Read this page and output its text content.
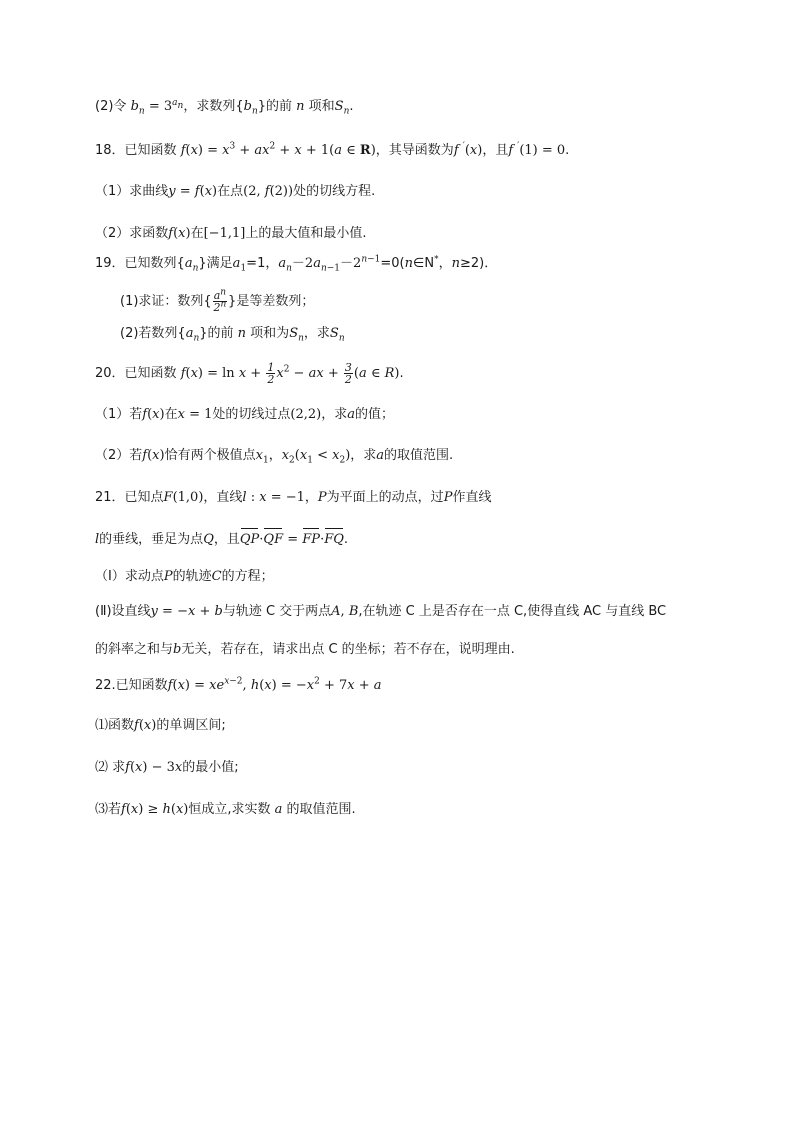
(2)令 $b_n = 3^{a_n}$，求数列$\{b_n\}$的前 n 项和$S_n$.
18．已知函数 $f(x) = x^3 + ax^2 + x + 1(a$ ∈ R)，其导函数为f ′(x)，且f ′(1) = 0.
（1）求曲线y = f(x)在点(2, f(2))处的切线方程.
（2）求函数f(x)在[−1,1]上的最大值和最小值.
19．已知数列$\{a_n\}$满足$a_1=1$，$a_n-2a_{n-1}-2^{n-1}=0(n\in N^*$，n≥2)．
(1)求证：数列{ $\frac{a^n}{2^n}$ }是等差数列；
(2)若数列$\{a_n\}$的前 n 项和为$S_n$，求$S_n$
20．已知函数 $f(x) = \ln x + \frac{1}{2} x^2$ − ax + $\frac{3}{2} (a$ ∈ R).
（1）若f(x)在x = 1处的切线过点(2,2)，求a的值；
（2）若f(x)恰有两个极值点$x_1$，$x_2(x_1 < x_2)$，求a的取值范围.
21．已知点F(1,0)，直线l : x = −1，P为平面上的动点，过P作直线
l的垂线，垂足为点Q，且QP·QF = FP·FQ.
（Ⅰ）求动点P的轨迹C的方程；
(Ⅱ)设直线y = −x + b与轨迹 C 交于两点A, B,在轨迹 C 上是否存在一点 C,使得直线 AC 与直线 BC
的斜率之和与b无关，若存在，请求出点 C 的坐标；若不存在，说明理由.
22.已知函数$f(x) = xe^{x-2}$, $h(x) = -x^2 + 7x + a$
⑴函数f(x)的单调区间;
⑵ 求f(x) − 3x的最小值;
⑶若f(x) ≥ h(x)恒成立,求实数 a 的取值范围.
